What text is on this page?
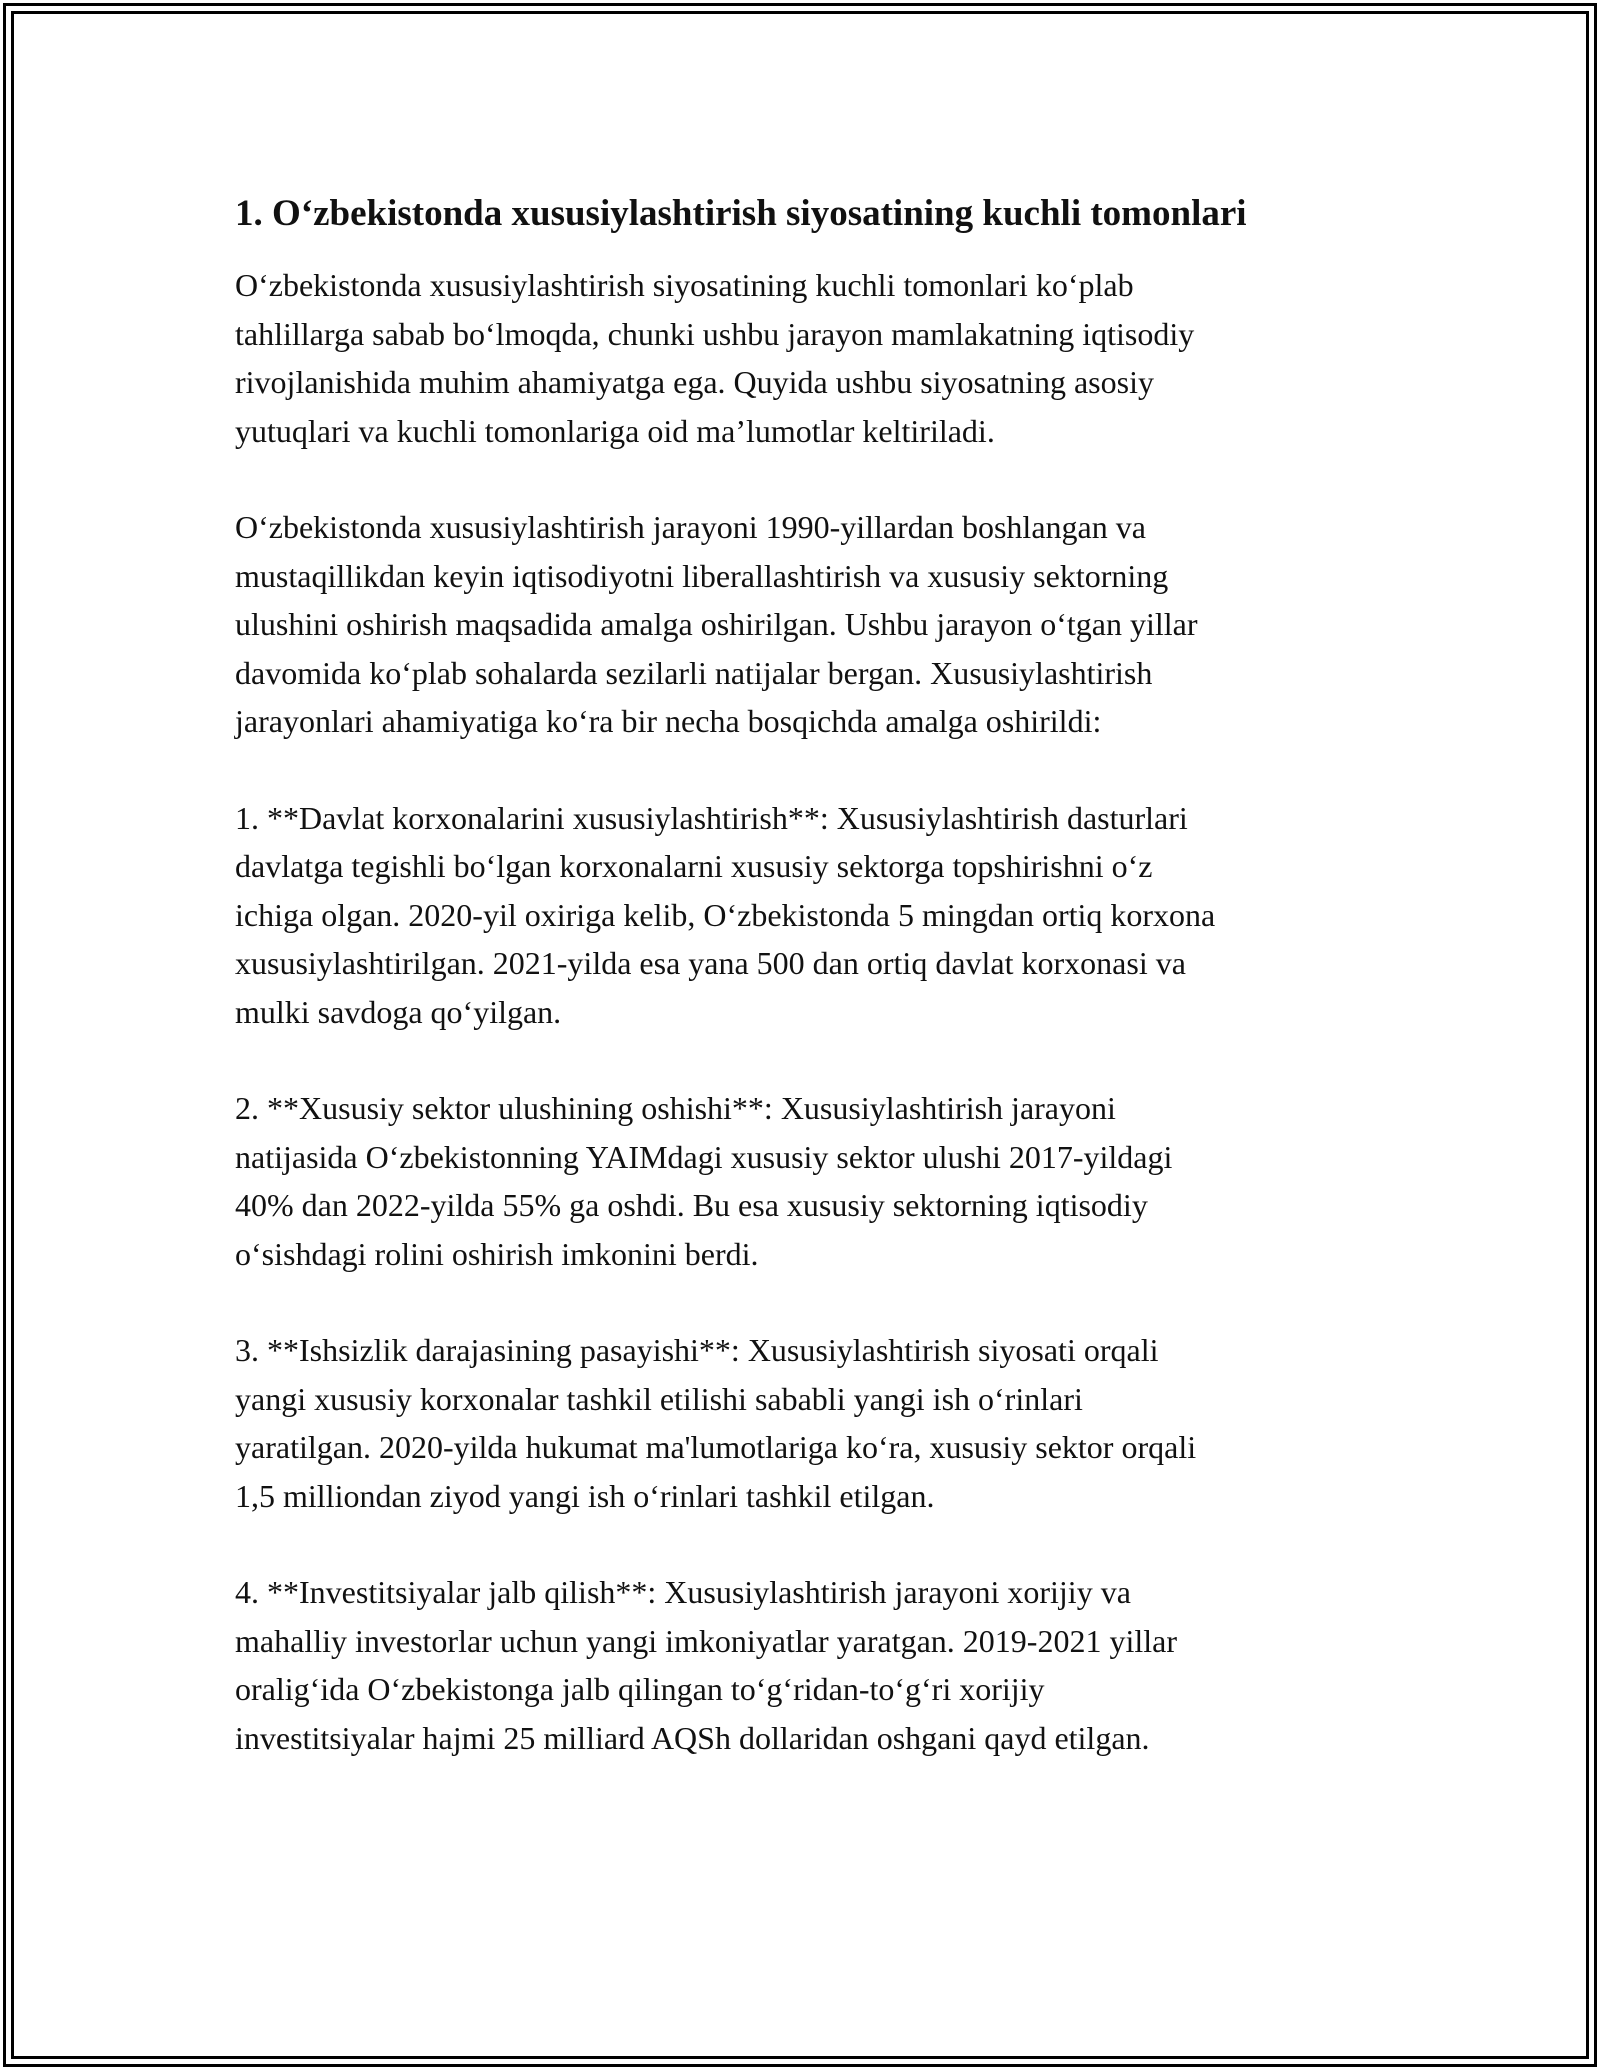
1. O‘zbekistonda xususiylashtirish siyosatining kuchli tomonlari

O‘zbekistonda xususiylashtirish siyosatining kuchli tomonlari ko‘plab
tahlillarga sabab bo‘lmoqda, chunki ushbu jarayon mamlakatning iqtisodiy
rivojlanishida muhim ahamiyatga ega. Quyida ushbu siyosatning asosiy
yutuqlari va kuchli tomonlariga oid ma’lumotlar keltiriladi.

O‘zbekistonda xususiylashtirish jarayoni 1990-yillardan boshlangan va
mustaqillikdan keyin iqtisodiyotni liberallashtirish va xususiy sektorning
ulushini oshirish maqsadida amalga oshirilgan. Ushbu jarayon o‘tgan yillar
davomida ko‘plab sohalarda sezilarli natijalar bergan. Xususiylashtirish
jarayonlari ahamiyatiga ko‘ra bir necha bosqichda amalga oshirildi:

1. **Davlat korxonalarini xususiylashtirish**: Xususiylashtirish dasturlari
davlatga tegishli bo‘lgan korxonalarni xususiy sektorga topshirishni o‘z
ichiga olgan. 2020-yil oxiriga kelib, O‘zbekistonda 5 mingdan ortiq korxona
xususiylashtirilgan. 2021-yilda esa yana 500 dan ortiq davlat korxonasi va
mulki savdoga qo‘yilgan.

2. **Xususiy sektor ulushining oshishi**: Xususiylashtirish jarayoni
natijasida O‘zbekistonning YAIMdagi xususiy sektor ulushi 2017-yildagi
40% dan 2022-yilda 55% ga oshdi. Bu esa xususiy sektorning iqtisodiy
o‘sishdagi rolini oshirish imkonini berdi.

3. **Ishsizlik darajasining pasayishi**: Xususiylashtirish siyosati orqali
yangi xususiy korxonalar tashkil etilishi sababli yangi ish o‘rinlari
yaratilgan. 2020-yilda hukumat ma'lumotlariga ko‘ra, xususiy sektor orqali
1,5 milliondan ziyod yangi ish o‘rinlari tashkil etilgan.

4. **Investitsiyalar jalb qilish**: Xususiylashtirish jarayoni xorijiy va
mahalliy investorlar uchun yangi imkoniyatlar yaratgan. 2019-2021 yillar
oralig‘ida O‘zbekistonga jalb qilingan to‘g‘ridan-to‘g‘ri xorijiy
investitsiyalar hajmi 25 milliard AQSh dollaridan oshgani qayd etilgan.
